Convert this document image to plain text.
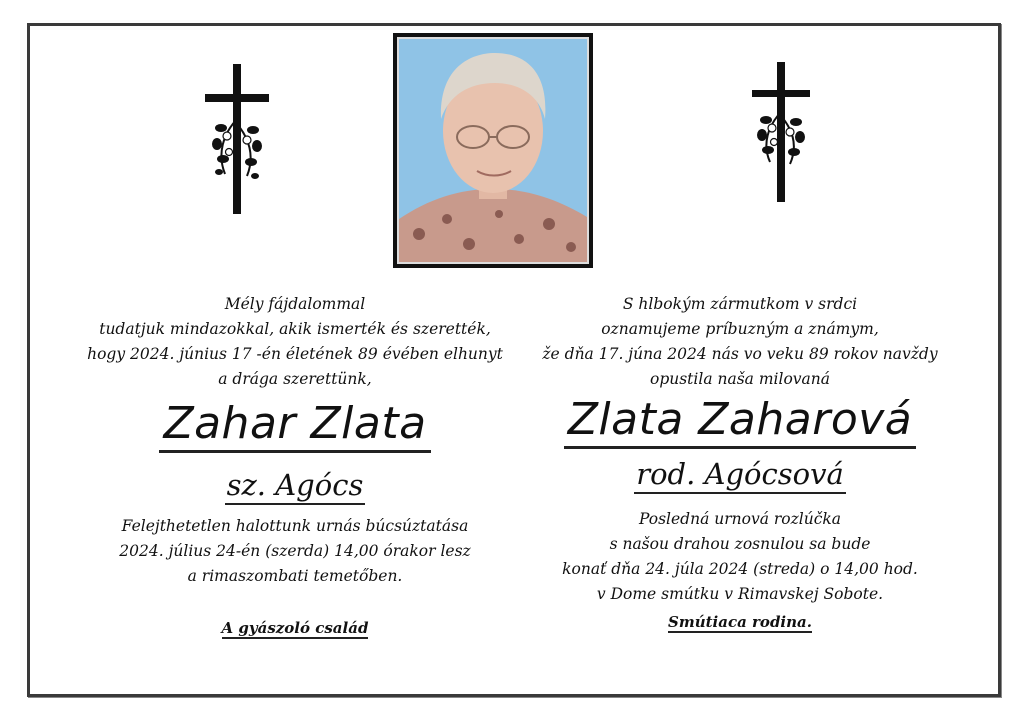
Mély fájdalommal
tudatjuk mindazokkal, akik ismerték és szerették,
hogy 2024. június 17 -én életének 89 évében elhunyt
a drága szerettünk,
Zahar Zlata
sz. Agócs
Felejthetetlen halottunk urnás búcsúztatása
2024. július 24-én (szerda) 14,00 órakor lesz
a rimaszombati temetőben.
A gyászoló család
S hlbokým zármutkom v srdci
oznamujeme príbuzným a známym,
že dňa 17. júna 2024 nás vo veku 89 rokov navždy
opustila naša milovaná
Zlata Zaharová
rod. Agócsová
Posledná urnová rozlúčka
s našou drahou zosnulou sa bude
konať dňa 24. júla 2024 (streda) o 14,00 hod.
v Dome smútku v Rimavskej Sobote.
Smútiaca rodina.
